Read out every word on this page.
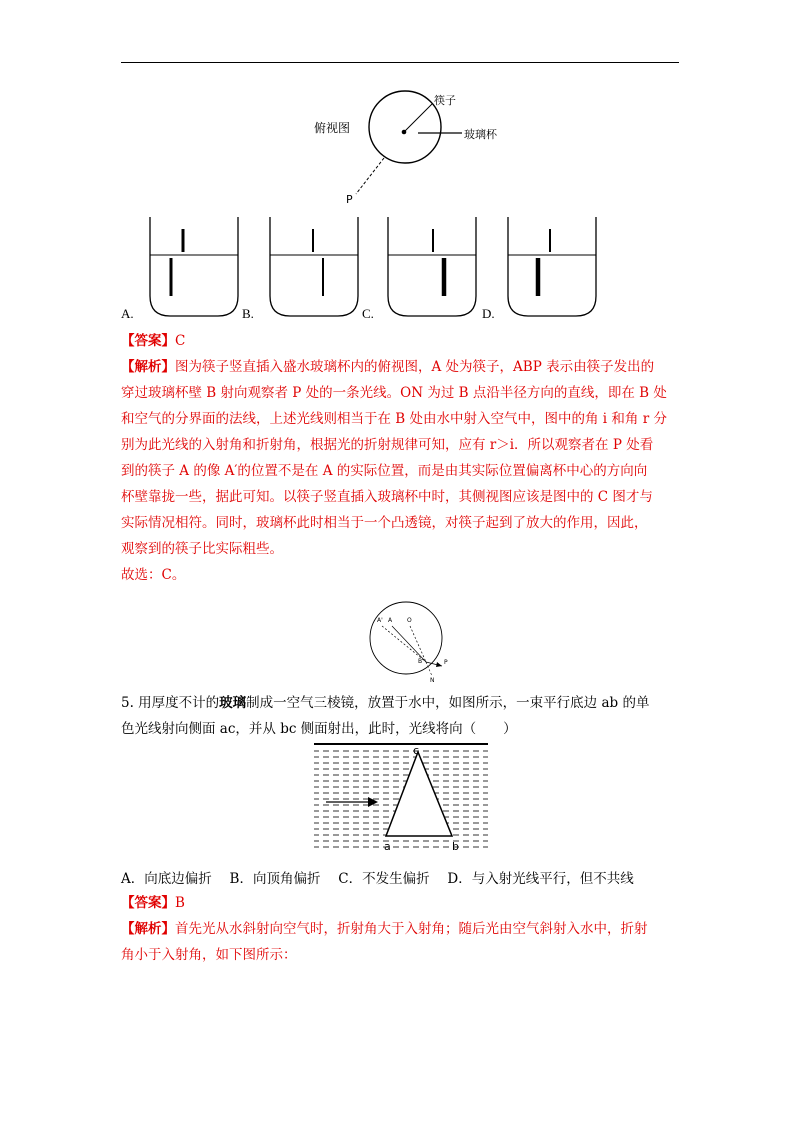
俯视图
筷子
玻璃杯
P
A.	B.	C.	D.
【答案】C
【解析】图为筷子竖直插入盛水玻璃杯内的俯视图，A 处为筷子，ABP 表示由筷子发出的
穿过玻璃杯壁 B 射向观察者 P 处的一条光线。ON 为过 B 点沿半径方向的直线，即在 B 处
和空气的分界面的法线，上述光线则相当于在 B 处由水中射入空气中，图中的角 i 和角 r 分
别为此光线的入射角和折射角，根据光的折射规律可知，应有 r＞i．所以观察者在 P 处看
到的筷子 A 的像 A′的位置不是在 A 的实际位置，而是由其实际位置偏离杯中心的方向向
杯壁靠拢一些，据此可知。以筷子竖直插入玻璃杯中时，其侧视图应该是图中的 C 图才与
实际情况相符。同时，玻璃杯此时相当于一个凸透镜，对筷子起到了放大的作用，因此，
观察到的筷子比实际粗些。
故选：C。
A' A O
B	P
N
5. 用厚度不计的玻璃制成一空气三棱镜，放置于水中，如图所示，一束平行底边 ab 的单
色光线射向侧面 ac，并从 bc 侧面射出，此时，光线将向（　　）
c
a	b
A．向底边偏折　 B．向顶角偏折　 C．不发生偏折　 D．与入射光线平行，但不共线
【答案】B
【解析】首先光从水斜射向空气时，折射角大于入射角；随后光由空气斜射入水中，折射
角小于入射角，如下图所示：
